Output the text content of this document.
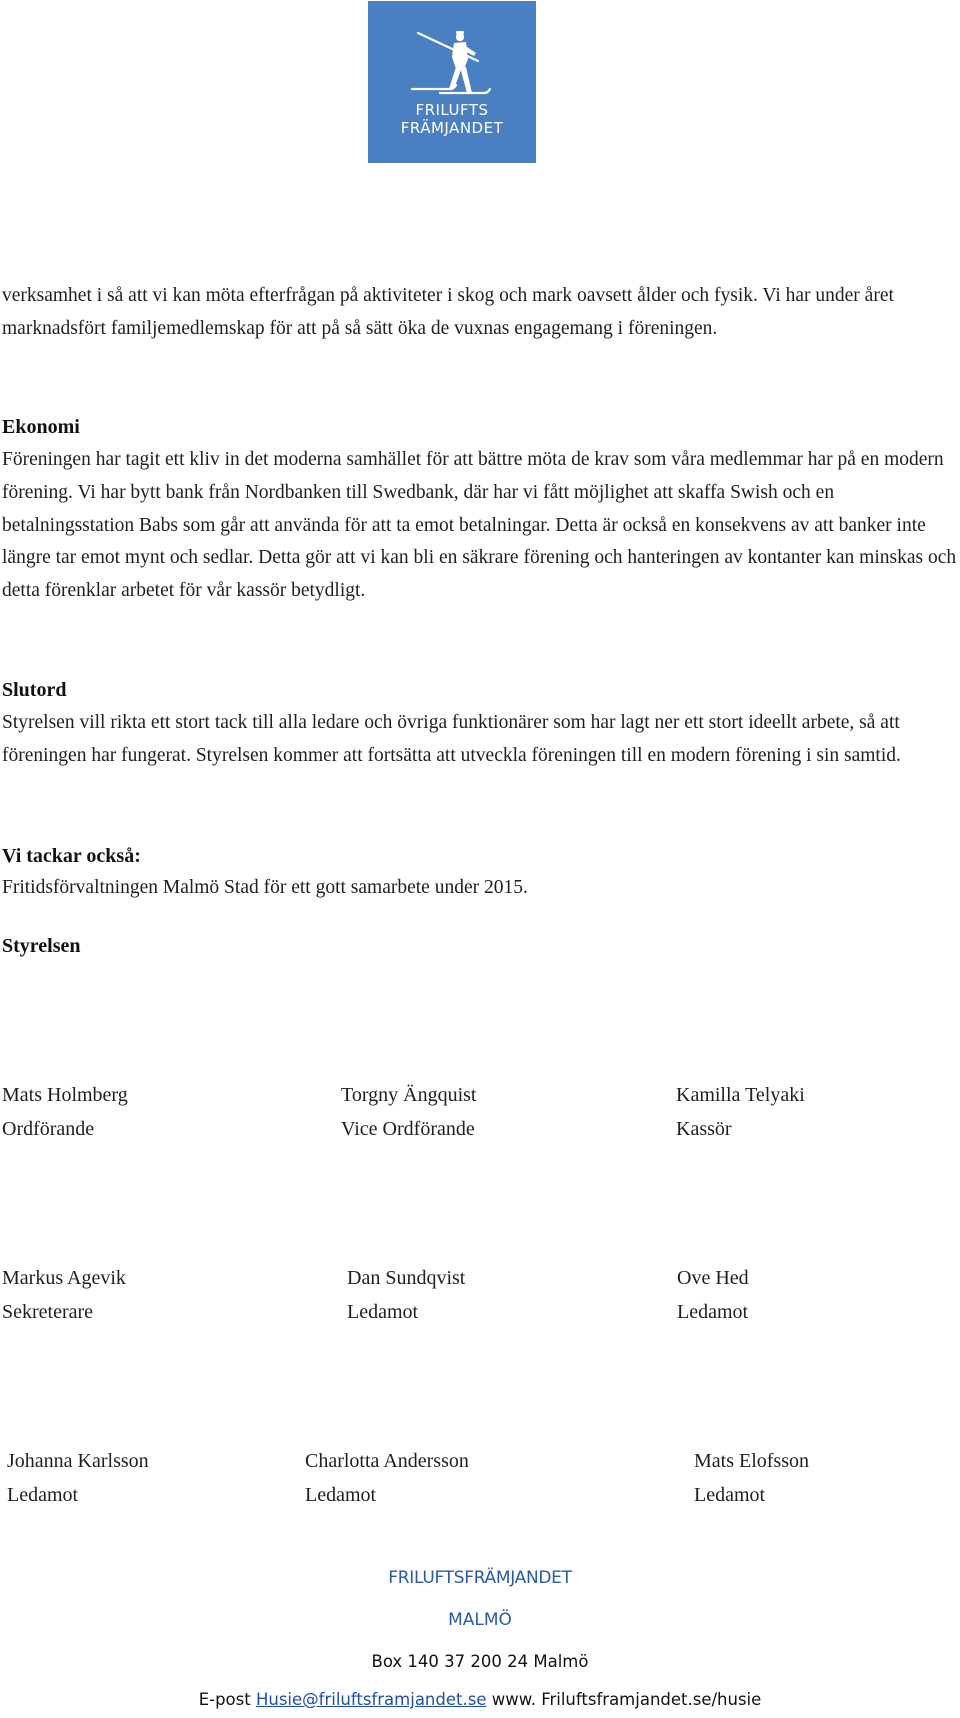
FRILUFTS
FRÄMJANDET

verksamhet i så att vi kan möta efterfrågan på aktiviteter i skog och mark oavsett ålder och fysik. Vi har under året marknadsfört familjemedlemskap för att på så sätt öka de vuxnas engagemang i föreningen.

Ekonomi

Föreningen har tagit ett kliv in det moderna samhället för att bättre möta de krav som våra medlemmar har på en modern förening. Vi har bytt bank från Nordbanken till Swedbank, där har vi fått möjlighet att skaffa Swish och en betalningsstation Babs som går att använda för att ta emot betalningar. Detta är också en konsekvens av att banker inte längre tar emot mynt och sedlar. Detta gör att vi kan bli en säkrare förening och hanteringen av kontanter kan minskas och detta förenklar arbetet för vår kassör betydligt.

Slutord

Styrelsen vill rikta ett stort tack till alla ledare och övriga funktionärer som har lagt ner ett stort ideellt arbete, så att föreningen har fungerat. Styrelsen kommer att fortsätta att utveckla föreningen till en modern förening i sin samtid.

Vi tackar också:

Fritidsförvaltningen Malmö Stad för ett gott samarbete under 2015.

Styrelsen
Mats Holmberg
Ordförande
Torgny Ängquist
Vice Ordförande
Kamilla Telyaki
Kassör
Markus Agevik
Sekreterare
Dan Sundqvist
Ledamot
Ove Hed
Ledamot
Johanna Karlsson
Ledamot
Charlotta Andersson
Ledamot
Mats Elofsson
Ledamot
FRILUFTSFRÄMJANDET
MALMÖ
Box 140 37 200 24 Malmö
E-post Husie@friluftsframjandet.se www. Friluftsframjandet.se/husie
